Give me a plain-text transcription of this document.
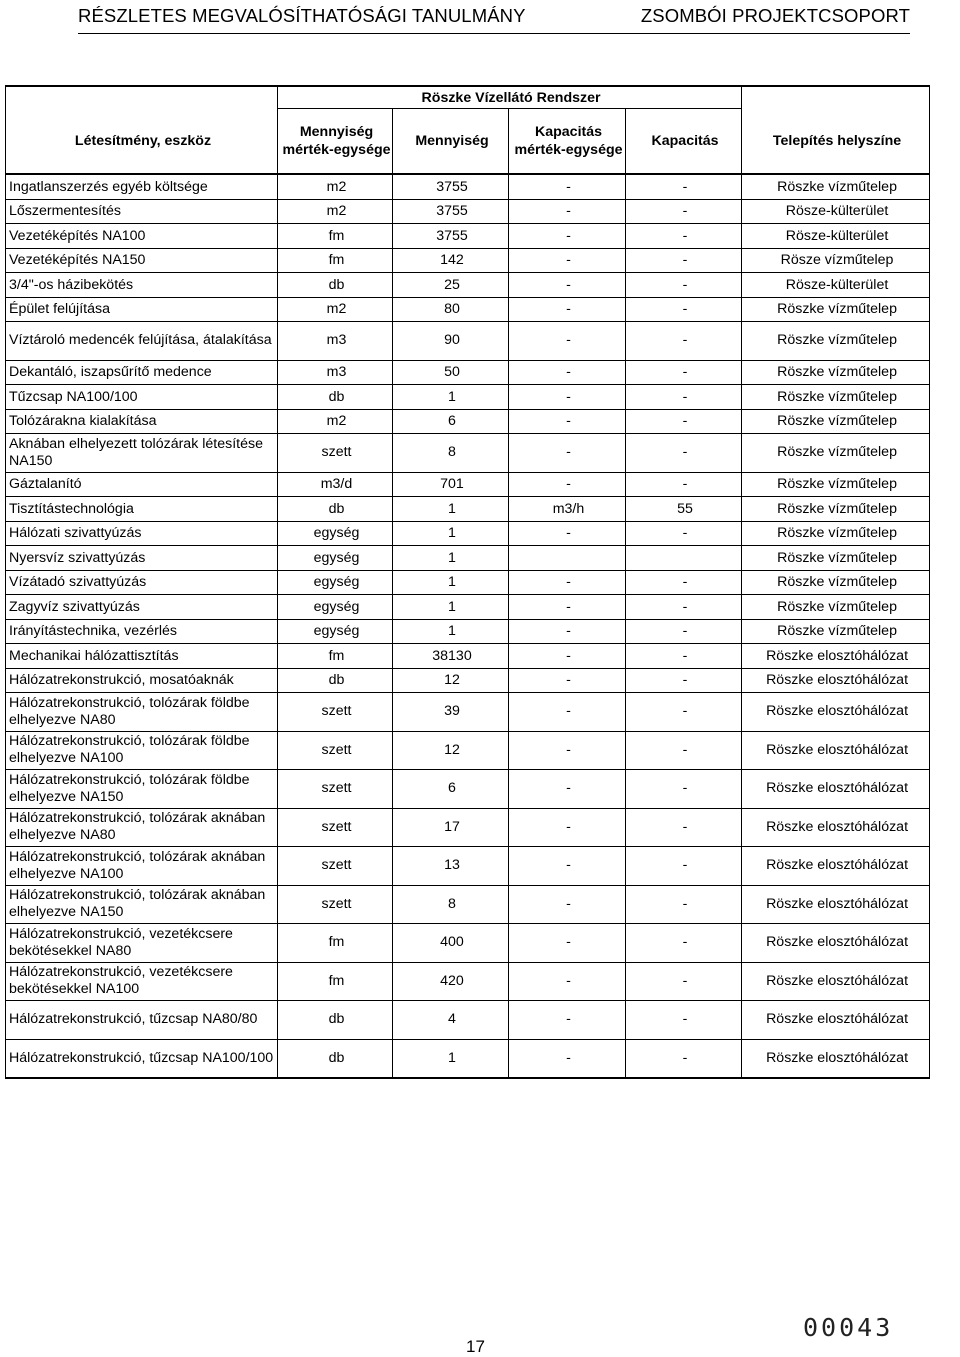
RÉSZLETES MEGVALÓSÍTHATÓSÁGI TANULMÁNY	ZSOMBÓI PROJEKTCSOPORT
	Röszke Vízellátó Rendszer				
Létesítmény, eszköz	Mennyiség mérték-egysége	Mennyiség	Kapacitás mérték-egysége	Kapacitás	Telepítés helyszíne
Ingatlanszerzés egyéb költsége	m2	3755	-	-	Röszke vízműtelep
Lőszermentesítés	m2	3755	-	-	Rösze-külterület
Vezetéképítés NA100	fm	3755	-	-	Rösze-külterület
Vezetéképítés NA150	fm	142	-	-	Rösze vízműtelep
3/4"-os házibekötés	db	25	-	-	Rösze-külterület
Épület felújítása	m2	80	-	-	Röszke vízműtelep
Víztároló medencék felújítása, átalakítása	m3	90	-	-	Röszke vízműtelep
Dekantáló, iszapsűrítő medence	m3	50	-	-	Röszke vízműtelep
Tűzcsap NA100/100	db	1	-	-	Röszke vízműtelep
Tolózárakna kialakítása	m2	6	-	-	Röszke vízműtelep
Aknában elhelyezett tolózárak létesítése NA150	szett	8	-	-	Röszke vízműtelep
Gáztalanító	m3/d	701	-	-	Röszke vízműtelep
Tisztítástechnológia	db	1	m3/h	55	Röszke vízműtelep
Hálózati szivattyúzás	egység	1	-	-	Röszke vízműtelep
Nyersvíz szivattyúzás	egység	1			Röszke vízműtelep
Vízátadó szivattyúzás	egység	1	-	-	Röszke vízműtelep
Zagyvíz szivattyúzás	egység	1	-	-	Röszke vízműtelep
Irányítástechnika, vezérlés	egység	1	-	-	Röszke vízműtelep
Mechanikai hálózattisztítás	fm	38130	-	-	Röszke elosztóhálózat
Hálózatrekonstrukció, mosatóaknák	db	12	-	-	Röszke elosztóhálózat
Hálózatrekonstrukció, tolózárak földbe elhelyezve NA80	szett	39	-	-	Röszke elosztóhálózat
Hálózatrekonstrukció, tolózárak földbe elhelyezve NA100	szett	12	-	-	Röszke elosztóhálózat
Hálózatrekonstrukció, tolózárak földbe elhelyezve NA150	szett	6	-	-	Röszke elosztóhálózat
Hálózatrekonstrukció, tolózárak aknában elhelyezve NA80	szett	17	-	-	Röszke elosztóhálózat
Hálózatrekonstrukció, tolózárak aknában elhelyezve NA100	szett	13	-	-	Röszke elosztóhálózat
Hálózatrekonstrukció, tolózárak aknában elhelyezve NA150	szett	8	-	-	Röszke elosztóhálózat
Hálózatrekonstrukció, vezetékcsere bekötésekkel NA80	fm	400	-	-	Röszke elosztóhálózat
Hálózatrekonstrukció, vezetékcsere bekötésekkel NA100	fm	420	-	-	Röszke elosztóhálózat
Hálózatrekonstrukció, tűzcsap NA80/80	db	4	-	-	Röszke elosztóhálózat
Hálózatrekonstrukció, tűzcsap NA100/100	db	1	-	-	Röszke elosztóhálózat
17
00043
